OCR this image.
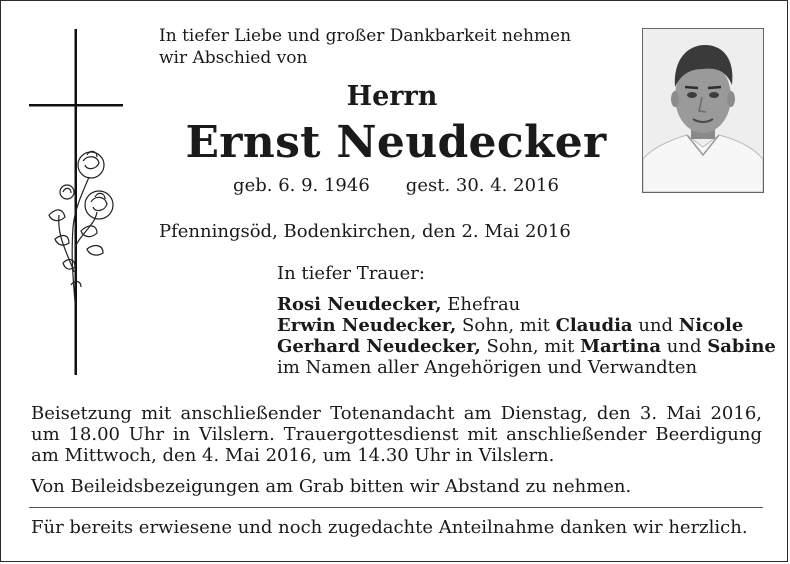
In tiefer Liebe und großer Dankbarkeit nehmen
wir Abschied von
Herrn
Ernst Neudecker
geb. 6. 9. 1946 gest. 30. 4. 2016
Pfenningsöd, Bodenkirchen, den 2. Mai 2016
In tiefer Trauer:
Rosi Neudecker, Ehefrau
Erwin Neudecker, Sohn, mit Claudia und Nicole
Gerhard Neudecker, Sohn, mit Martina und Sabine
im Namen aller Angehörigen und Verwandten
Beisetzung mit anschließender Totenandacht am Dienstag, den 3. Mai 2016, um 18.00 Uhr in Vilslern. Trauergottesdienst mit anschließender Beerdigung am Mittwoch, den 4. Mai 2016, um 14.30 Uhr in Vilslern.
Von Beileidsbezeigungen am Grab bitten wir Abstand zu nehmen.
Für bereits erwiesene und noch zugedachte Anteilnahme danken wir herzlich.
